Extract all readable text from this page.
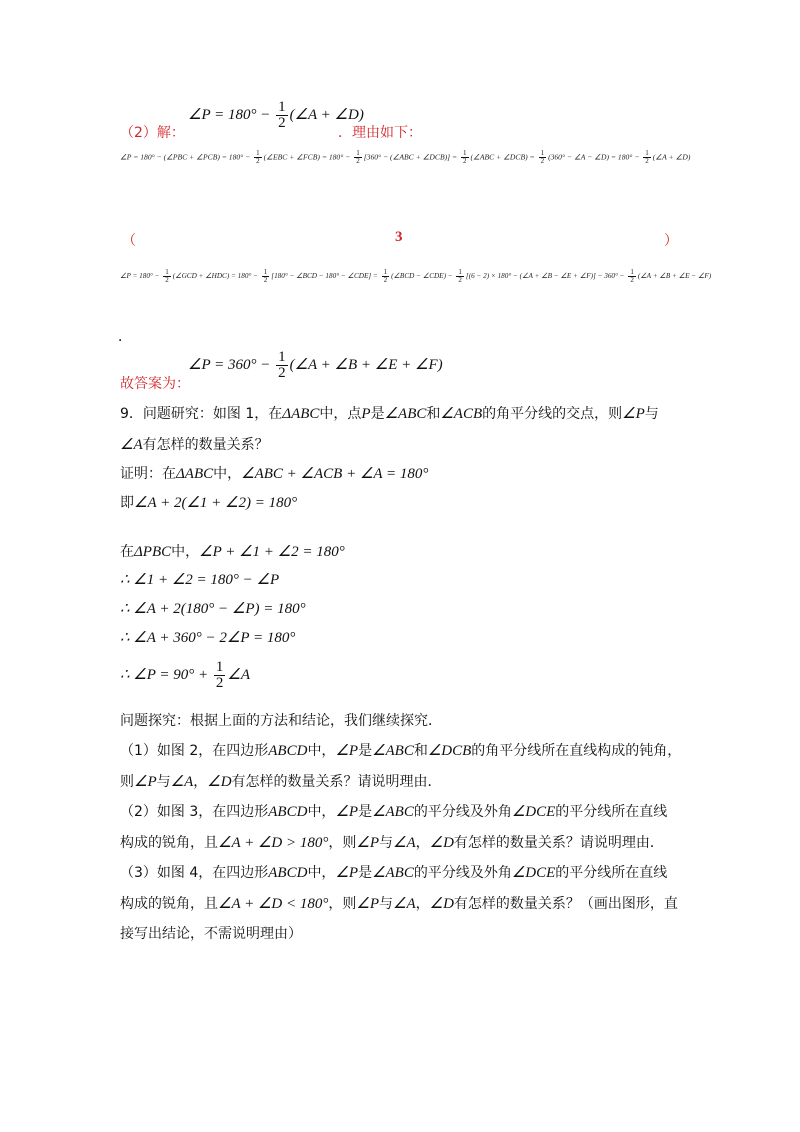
∠P = $180^\circ - \frac{1}{2}$ (∠A + ∠D)
（2）解：	．理由如下：
∠P = 180° − (∠PBC + ∠PCB) = $180^\circ - \frac{1}{2}$ (∠EBC + ∠FCB) = $180^\circ - \frac{1}{2} [360^\circ$ − (∠ABC + ∠DCB)] = $\frac{1}{2}$ (∠ABC + ∠DCB) = $\frac{1}{2} (360^\circ$ − ∠A − ∠D) = $180^\circ - \frac{1}{2}$ (∠A + ∠D)
（	3	）
∠P = $180^\circ - \frac{1}{2}$ (∠GCD + ∠HDC) = $180^\circ - \frac{1}{2} [180^\circ$ − ∠BCD − 180° − ∠CDE] = $\frac{1}{2}$ (∠BCD − ∠CDE) − $\frac{1}{2} [(6 - 2) \times 180^\circ$ − (∠A + ∠B − ∠E + ∠F)] − $360^\circ - \frac{1}{2}$ (∠A + ∠B + ∠E − ∠F)
．
∠P = $360^\circ - \frac{1}{2}$ (∠A + ∠B + ∠E + ∠F)
故答案为：
9．问题研究：如图 1，在ΔABC中，点P是∠ABC和∠ACB的角平分线的交点，则∠P与
∠A有怎样的数量关系？
证明：在ΔABC中，∠ABC + ∠ACB + ∠A = 180°
即∠A + 2(∠1 + ∠2) = 180°
在ΔPBC中，∠P + ∠1 + ∠2 = 180°
∴ ∠1 + ∠2 = 180° − ∠P
∴ ∠A + 2(180° − ∠P) = 180°
∴ ∠A + 360° − 2∠P = 180°
∴ ∠P = $90^\circ + \frac{1}{2}$ ∠A
问题探究：根据上面的方法和结论，我们继续探究．
（1）如图 2，在四边形ABCD中，∠P是∠ABC和∠DCB的角平分线所在直线构成的钝角，
则∠P与∠A，∠D有怎样的数量关系？请说明理由．
（2）如图 3，在四边形ABCD中，∠P是∠ABC的平分线及外角∠DCE的平分线所在直线
构成的锐角，且∠A + ∠D > 180°，则∠P与∠A，∠D有怎样的数量关系？请说明理由．
（3）如图 4，在四边形ABCD中，∠P是∠ABC的平分线及外角∠DCE的平分线所在直线
构成的锐角，且∠A + ∠D < 180°，则∠P与∠A，∠D有怎样的数量关系？（画出图形，直
接写出结论，不需说明理由）
